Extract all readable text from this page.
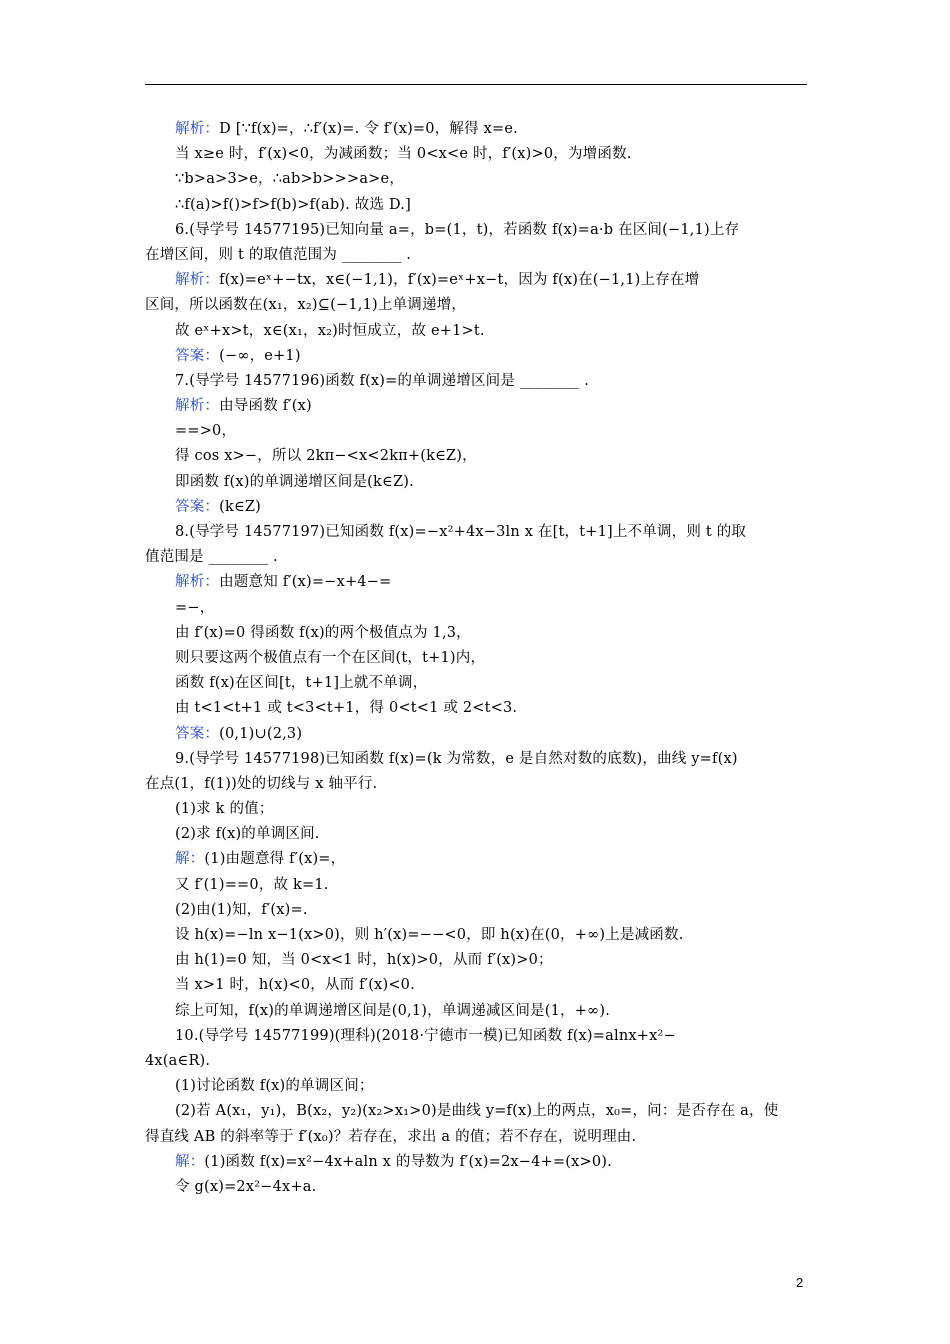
解析：D [∵f(x)=，∴f′(x)=. 令 f′(x)=0，解得 x=e.
当 x≥e 时，f′(x)<0，为减函数；当 0<x<e 时，f′(x)>0，为增函数.
∵b>a>3>e，∴ab>b>>>a>e，
∴f(a)>f()>f>f(b)>f(ab). 故选 D.]
6.(导学号 14577195)已知向量 a=，b=(1，t)，若函数 f(x)=a·b 在区间(−1,1)上存
在增区间，则 t 的取值范围为 ________ .
解析：f(x)=eˣ+−tx，x∈(−1,1)，f′(x)=eˣ+x−t，因为 f(x)在(−1,1)上存在增
区间，所以函数在(x₁，x₂)⊆(−1,1)上单调递增，
故 eˣ+x>t，x∈(x₁，x₂)时恒成立，故 e+1>t.
答案：(−∞，e+1)
7.(导学号 14577196)函数 f(x)=的单调递增区间是 ________ .
解析：由导函数 f′(x)
==>0，
得 cos x>−，所以 2kπ−<x<2kπ+(k∈Z)，
即函数 f(x)的单调递增区间是(k∈Z).
答案：(k∈Z)
8.(导学号 14577197)已知函数 f(x)=−x²+4x−3ln x 在[t，t+1]上不单调，则 t 的取
值范围是 ________ .
解析：由题意知 f′(x)=−x+4−=
=−，
由 f′(x)=0 得函数 f(x)的两个极值点为 1,3，
则只要这两个极值点有一个在区间(t，t+1)内，
函数 f(x)在区间[t，t+1]上就不单调，
由 t<1<t+1 或 t<3<t+1，得 0<t<1 或 2<t<3.
答案：(0,1)∪(2,3)
9.(导学号 14577198)已知函数 f(x)=(k 为常数，e 是自然对数的底数)，曲线 y=f(x)
在点(1，f(1))处的切线与 x 轴平行.
(1)求 k 的值；
(2)求 f(x)的单调区间.
解：(1)由题意得 f′(x)=，
又 f′(1)==0，故 k=1.
(2)由(1)知，f′(x)=.
设 h(x)=−ln x−1(x>0)，则 h′(x)=−−<0，即 h(x)在(0，+∞)上是减函数.
由 h(1)=0 知，当 0<x<1 时，h(x)>0，从而 f′(x)>0；
当 x>1 时，h(x)<0，从而 f′(x)<0.
综上可知，f(x)的单调递增区间是(0,1)，单调递减区间是(1，+∞).
10.(导学号 14577199)(理科)(2018·宁德市一模)已知函数 f(x)=alnx+x²−
4x(a∈R).
(1)讨论函数 f(x)的单调区间；
(2)若 A(x₁，y₁)，B(x₂，y₂)(x₂>x₁>0)是曲线 y=f(x)上的两点，x₀=，问：是否存在 a，使
得直线 AB 的斜率等于 f′(x₀)？若存在，求出 a 的值；若不存在，说明理由.
解：(1)函数 f(x)=x²−4x+aln x 的导数为 f′(x)=2x−4+=(x>0).
令 g(x)=2x²−4x+a.
2
